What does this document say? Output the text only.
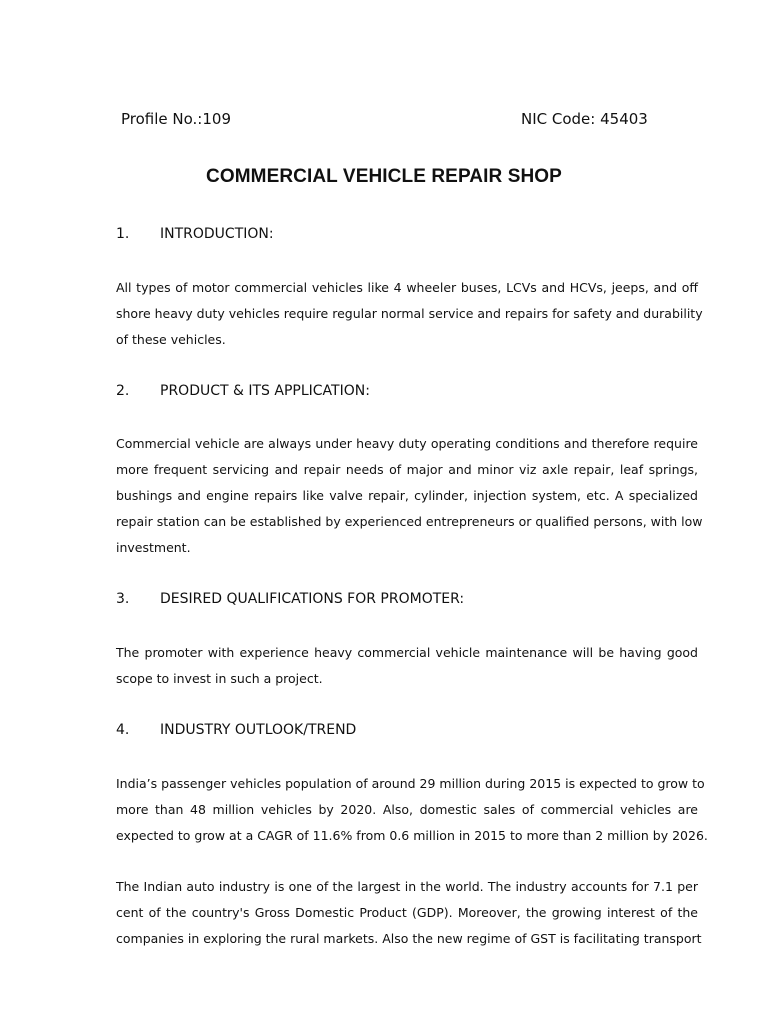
Profile No.:109	NIC Code: 45403
COMMERCIAL VEHICLE REPAIR SHOP
1.	INTRODUCTION:
All types of motor commercial vehicles like 4 wheeler buses, LCVs and HCVs, jeeps, and off
shore heavy duty vehicles require regular normal service and repairs for safety and durability
of these vehicles.
2.	PRODUCT & ITS APPLICATION:
Commercial vehicle are always under heavy duty operating conditions and therefore require
more frequent servicing and repair needs of major and minor viz axle repair, leaf springs,
bushings and engine repairs like valve repair, cylinder, injection system, etc. A specialized
repair station can be established by experienced entrepreneurs or qualified persons, with low
investment.
3.	DESIRED QUALIFICATIONS FOR PROMOTER:
The promoter with experience heavy commercial vehicle maintenance will be having good
scope to invest in such a project.
4.	INDUSTRY OUTLOOK/TREND
India’s passenger vehicles population of around 29 million during 2015 is expected to grow to
more than 48 million vehicles by 2020. Also, domestic sales of commercial vehicles are
expected to grow at a CAGR of 11.6% from 0.6 million in 2015 to more than 2 million by 2026.
The Indian auto industry is one of the largest in the world. The industry accounts for 7.1 per
cent of the country's Gross Domestic Product (GDP). Moreover, the growing interest of the
companies in exploring the rural markets. Also the new regime of GST is facilitating transport
